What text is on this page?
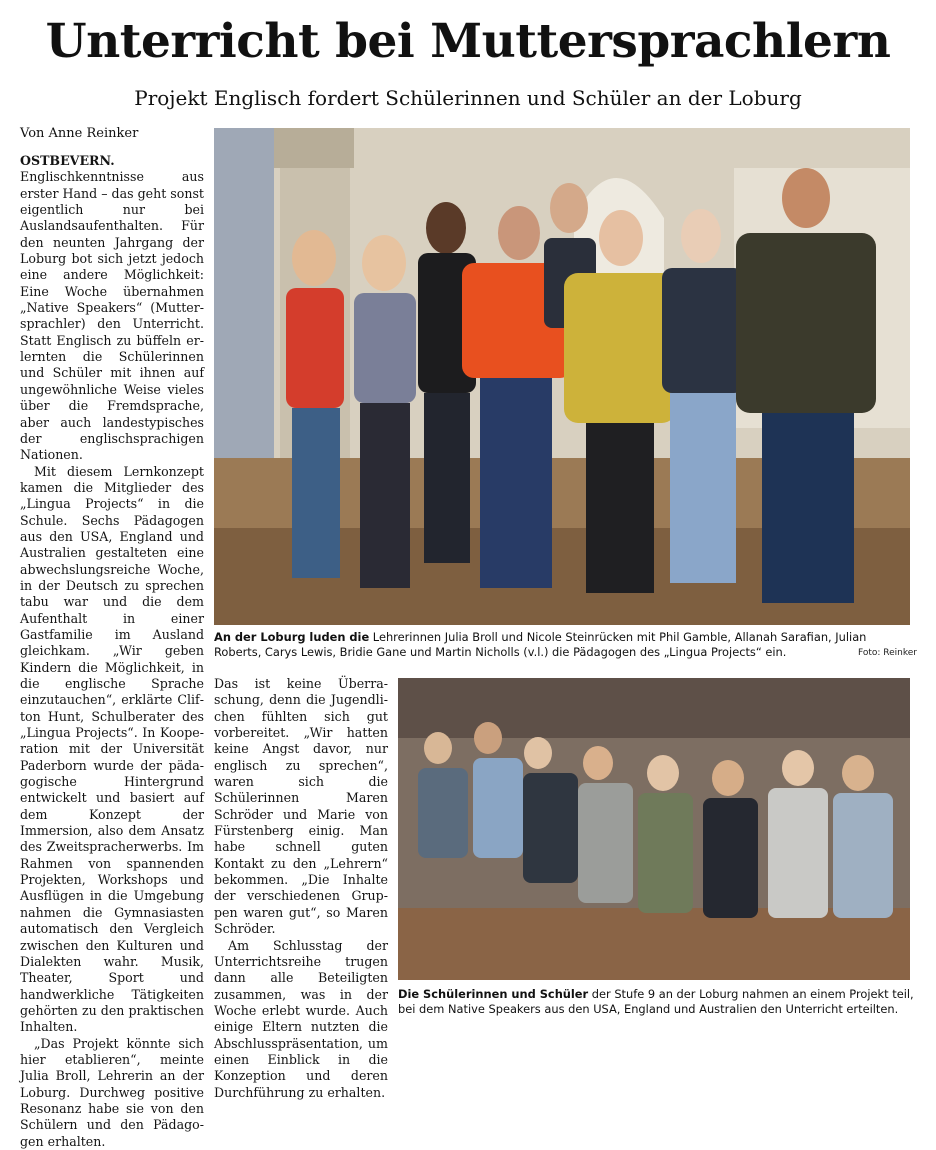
Unterricht bei Muttersprachlern
Projekt Englisch fordert Schülerinnen und Schüler an der Loburg
Von Anne Reinker

OSTBEVERN. Englischkenntnisse aus erster Hand – das geht sonst eigentlich nur bei Auslandsaufenthalten. Für den neunten Jahrgang der Loburg bot sich jetzt jedoch eine andere Möglichkeit: Eine Woche übernahmen „Native Speakers“ (Muttersprachler) den Unterricht. Statt Englisch zu büffeln erlernten die Schülerinnen und Schüler mit ihnen auf ungewöhnliche Weise vieles über die Fremdsprache, aber auch landestypisches der englischsprachigen Nationen.

Mit diesem Lernkonzept kamen die Mitglieder des „Lingua Projects“ in die Schule. Sechs Pädagogen aus den USA, England und Australien gestalteten eine abwechslungsreiche Woche, in der Deutsch zu sprechen tabu war und die dem Aufenthalt in einer Gastfamilie im Ausland gleichkam. „Wir geben Kindern die Möglichkeit, in die englische Sprache einzutauchen“, erklärte Clifton Hunt, Schulberater des „Lingua Projects“. In Kooperation mit der Universität Paderborn wurde der pädagogische Hintergrund entwickelt und basiert auf dem Konzept der Immersion, also dem Ansatz des Zweitspracherwerbs. Im Rahmen von spannenden Projekten, Workshops und Ausflügen in die Umgebung nahmen die Gymnasiasten automatisch den Vergleich zwischen den Kulturen und Dialekten wahr. Musik, Theater, Sport und handwerkliche Tätigkeiten gehörten zu den praktischen Inhalten.

„Das Projekt könnte sich hier etablieren“, meinte Julia Broll, Lehrerin an der Loburg. Durchweg positive Resonanz habe sie von den Schülern und den Pädagogen erhalten.

An der Loburg luden die Lehrerinnen Julia Broll und Nicole Steinrücken mit Phil Gamble, Allanah Sarafian, Julian Roberts, Carys Lewis, Bridie Gane und Martin Nicholls (v.l.) die Pädagogen des „Lingua Projects“ ein.	Foto: Reinker

Das ist keine Überraschung, denn die Jugendlichen fühlten sich gut vorbereitet. „Wir hatten keine Angst davor, nur englisch zu sprechen“, waren sich die Schülerinnen Maren Schröder und Marie von Fürstenberg einig. Man habe schnell guten Kontakt zu den „Lehrern“ bekommen. „Die Inhalte der verschiedenen Gruppen waren gut“, so Maren Schröder.

Am Schlusstag der Unterrichtsreihe trugen dann alle Beteiligten zusammen, was in der Woche erlebt wurde. Auch einige Eltern nutzten die Abschlusspräsentation, um einen Einblick in die Konzeption und deren Durchführung zu erhalten.

Die Schülerinnen und Schüler der Stufe 9 an der Loburg nahmen an einem Projekt teil, bei dem Native Speakers aus den USA, England und Australien den Unterricht erteilten.
